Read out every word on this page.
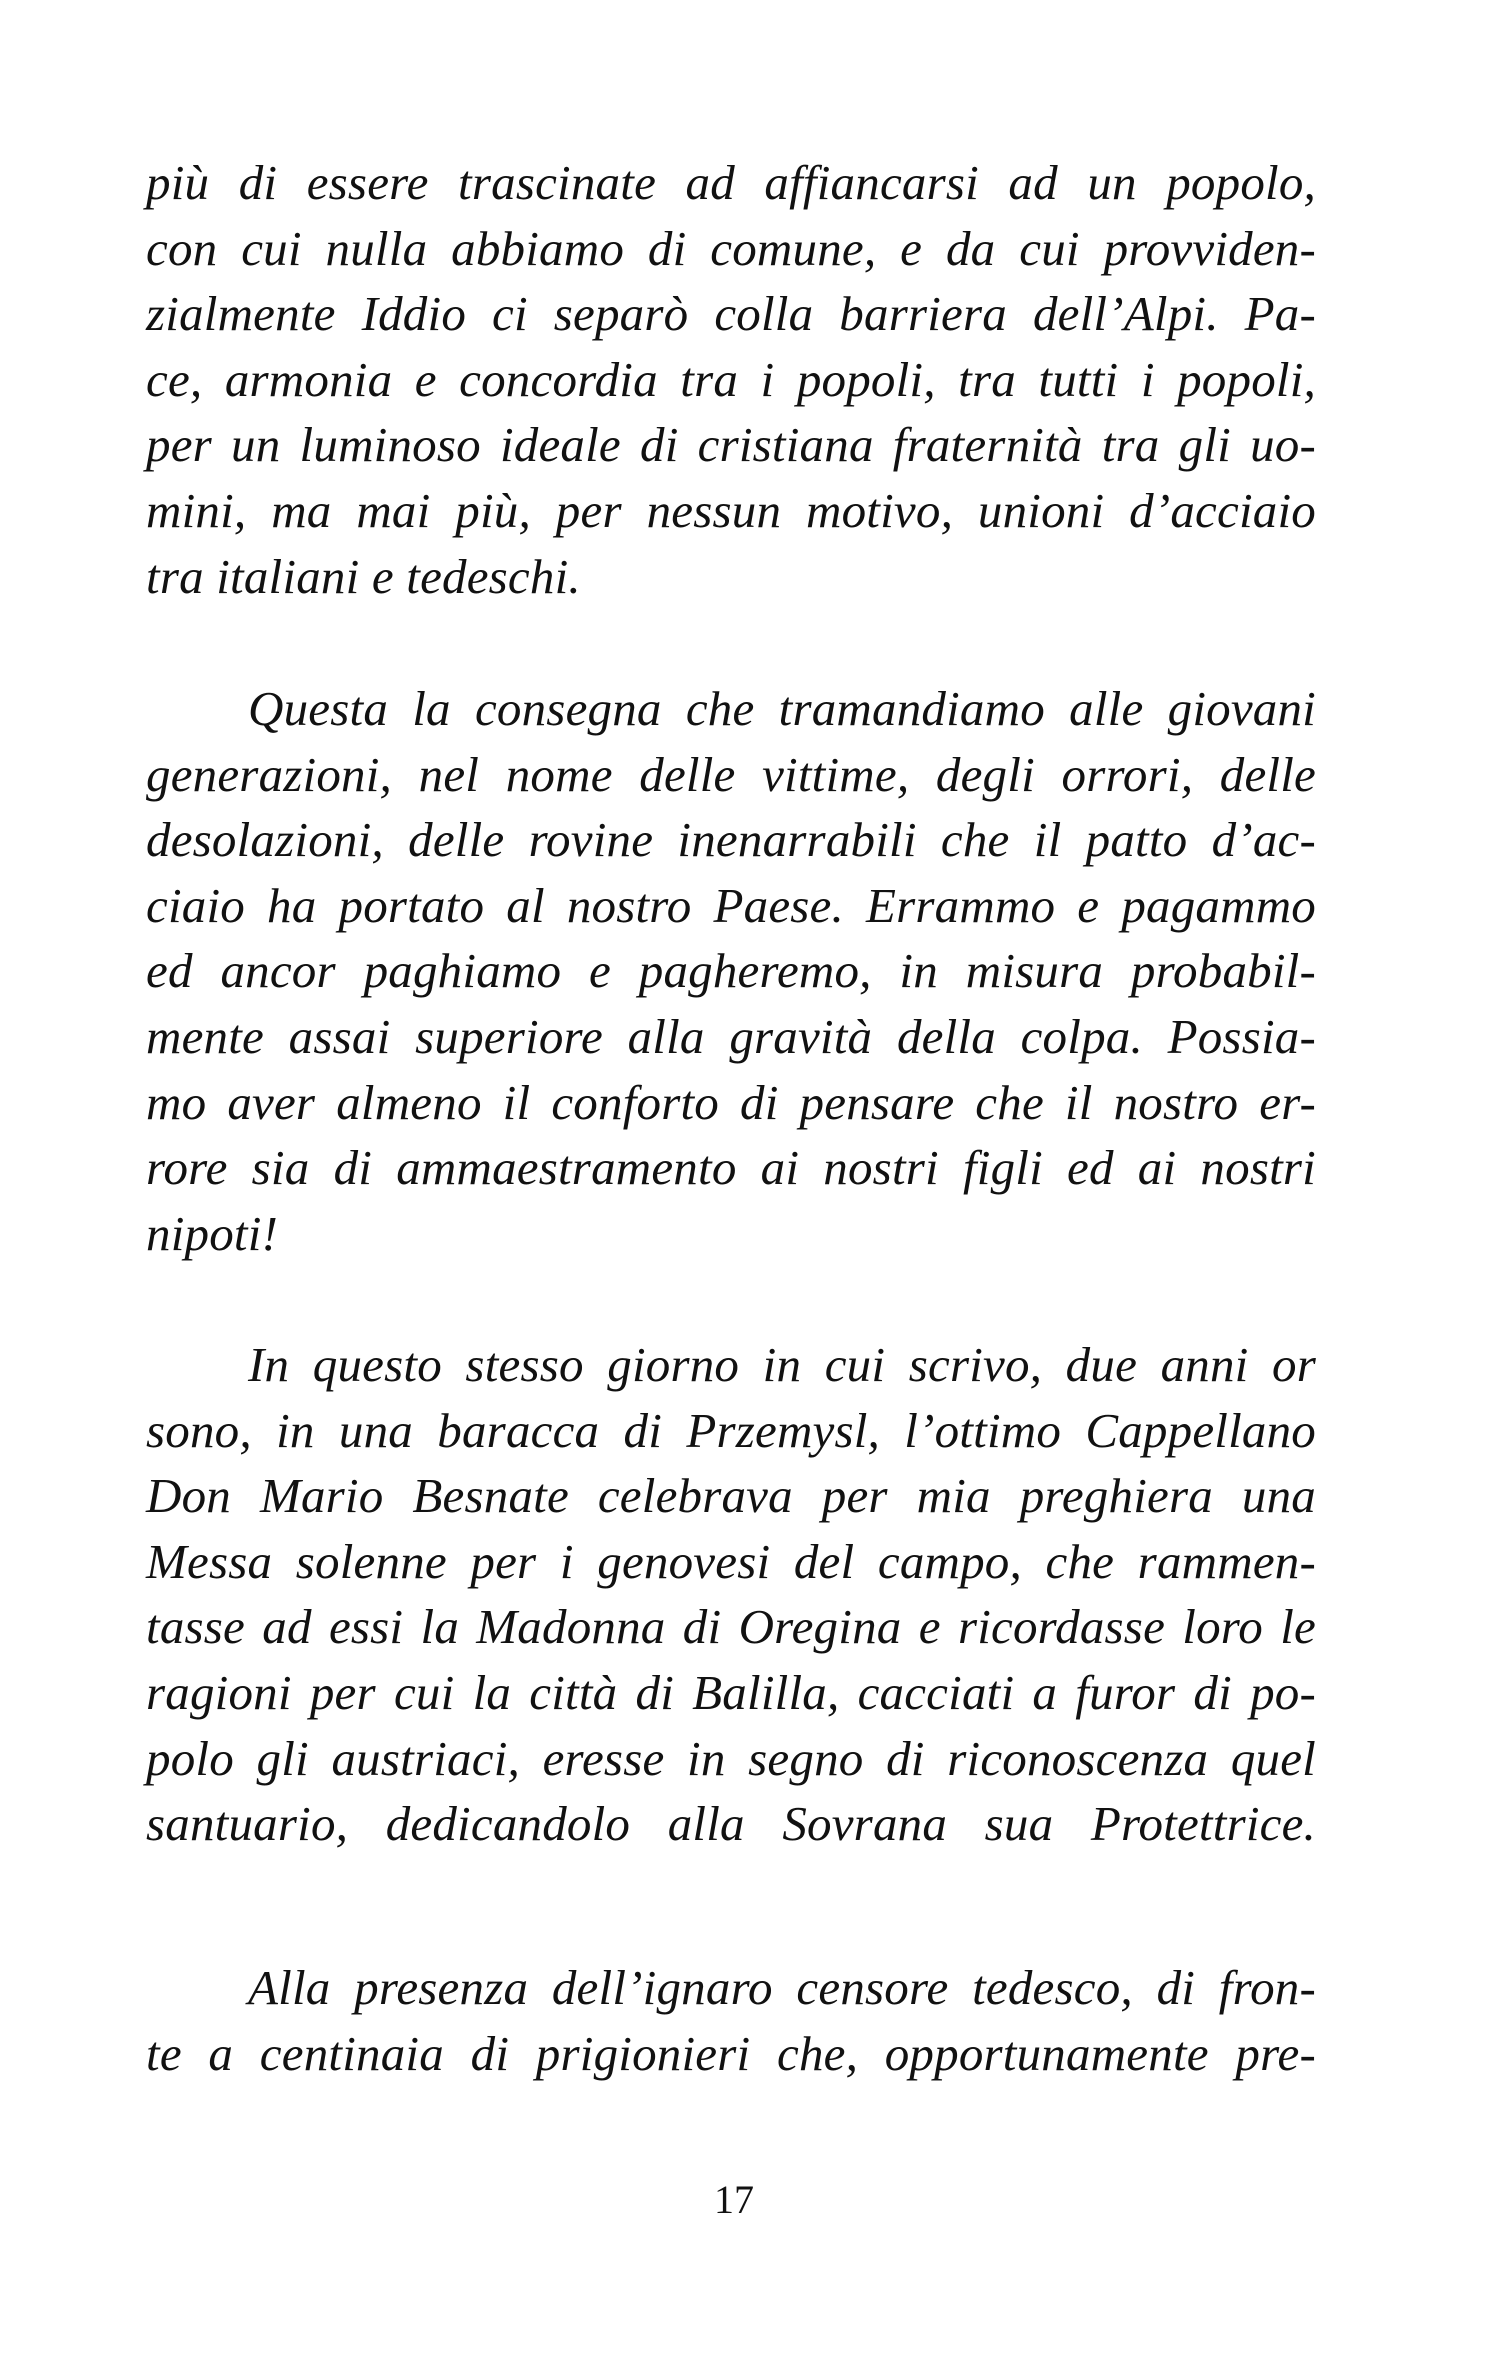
più di essere trascinate ad affiancarsi ad un popolo,
con cui nulla abbiamo di comune, e da cui provviden-
zialmente Iddio ci separò colla barriera dell’Alpi. Pa-
ce, armonia e concordia tra i popoli, tra tutti i popoli,
per un luminoso ideale di cristiana fraternità tra gli uo-
mini, ma mai più, per nessun motivo, unioni d’acciaio
tra italiani e tedeschi.
Questa la consegna che tramandiamo alle giovani
generazioni, nel nome delle vittime, degli orrori, delle
desolazioni, delle rovine inenarrabili che il patto d’ac-
ciaio ha portato al nostro Paese. Errammo e pagammo
ed ancor paghiamo e pagheremo, in misura probabil-
mente assai superiore alla gravità della colpa. Possia-
mo aver almeno il conforto di pensare che il nostro er-
rore sia di ammaestramento ai nostri figli ed ai nostri
nipoti!
In questo stesso giorno in cui scrivo, due anni or
sono, in una baracca di Przemysl, l’ottimo Cappellano
Don Mario Besnate celebrava per mia preghiera una
Messa solenne per i genovesi del campo, che rammen-
tasse ad essi la Madonna di Oregina e ricordasse loro le
ragioni per cui la città di Balilla, cacciati a furor di po-
polo gli austriaci, eresse in segno di riconoscenza quel
santuario, dedicandolo alla Sovrana sua Protettrice.
Alla presenza dell’ignaro censore tedesco, di fron-
te a centinaia di prigionieri che, opportunamente pre-
17
